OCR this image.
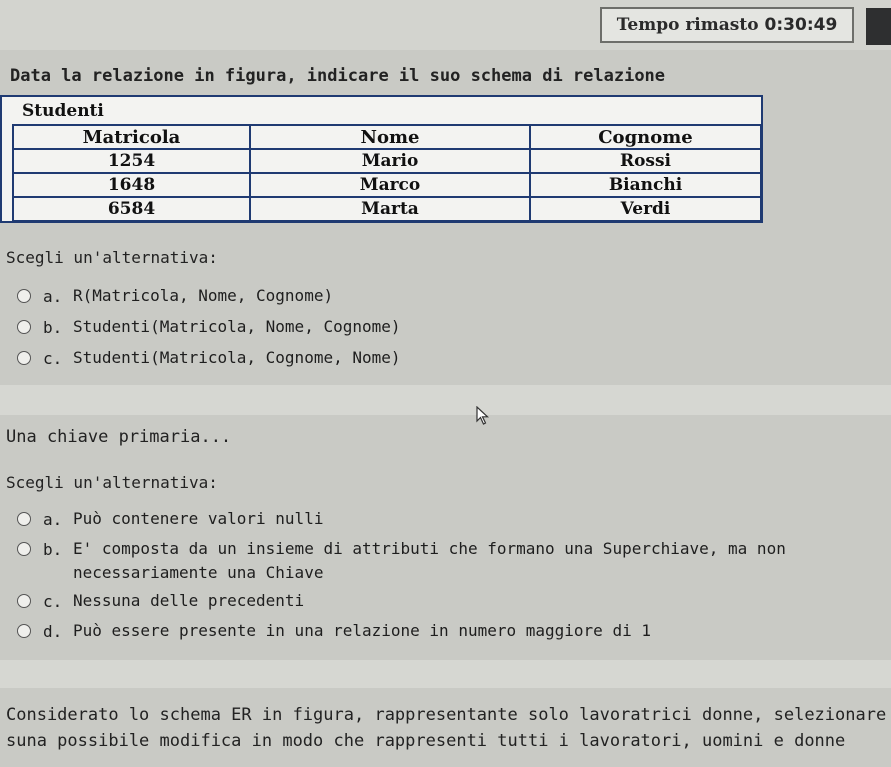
Tempo rimasto 0:30:49
Data la relazione in figura, indicare il suo schema di relazione
Studenti
Matricola	Nome	Cognome
1254	Mario	Rossi
1648	Marco	Bianchi
6584	Marta	Verdi
Scegli un'alternativa:
a. R(Matricola, Nome, Cognome)
b. Studenti(Matricola, Nome, Cognome)
c. Studenti(Matricola, Cognome, Nome)
Una chiave primaria...
Scegli un'alternativa:
a. Può contenere valori nulli
b. E' composta da un insieme di attributi che formano una Superchiave, ma non
necessariamente una Chiave
c. Nessuna delle precedenti
d. Può essere presente in una relazione in numero maggiore di 1
Considerato lo schema ER in figura, rappresentante solo lavoratrici donne, selezionare
suna possibile modifica in modo che rappresenti tutti i lavoratori, uomini e donne
